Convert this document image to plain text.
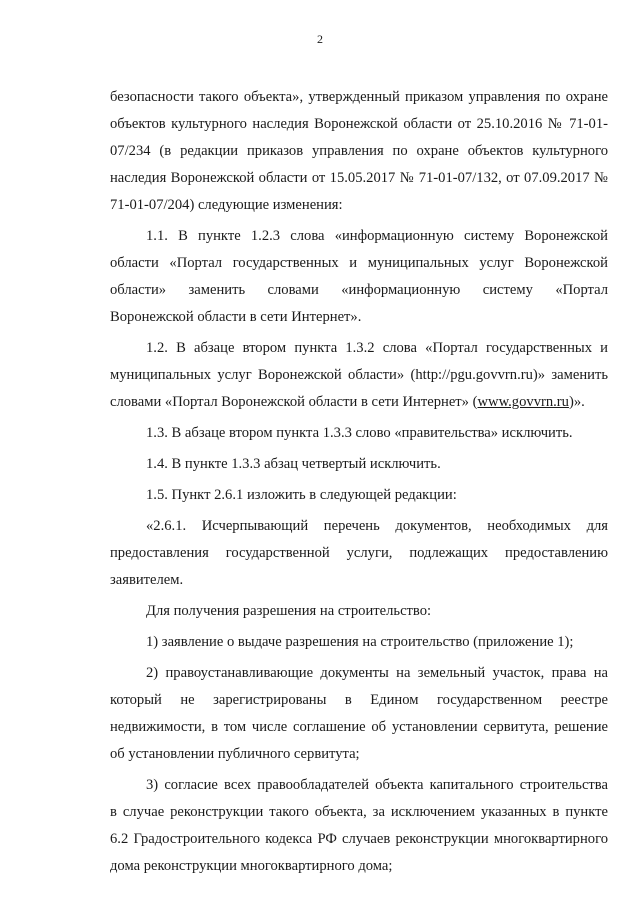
2
безопасности такого объекта», утвержденный приказом управления по охране
объектов культурного наследия Воронежской области от 25.10.2016 № 71-01-
07/234 (в редакции приказов управления по охране объектов культурного
наследия Воронежской области от 15.05.2017 № 71-01-07/132, от 07.09.2017 №
71-01-07/204) следующие изменения:
1.1. В пункте 1.2.3 слова «информационную систему Воронежской
области «Портал государственных и муниципальных услуг Воронежской
области» заменить словами «информационную систему «Портал
Воронежской области в сети Интернет».
1.2. В абзаце втором пункта 1.3.2 слова «Портал государственных и
муниципальных услуг Воронежской области» (http://pgu.govvrn.ru)» заменить
словами «Портал Воронежской области в сети Интернет» (www.govvrn.ru)».
1.3. В абзаце втором пункта 1.3.3 слово «правительства» исключить.
1.4. В пункте 1.3.3 абзац четвертый исключить.
1.5. Пункт 2.6.1 изложить в следующей редакции:
«2.6.1. Исчерпывающий перечень документов, необходимых для
предоставления государственной услуги, подлежащих предоставлению
заявителем.
Для получения разрешения на строительство:
1) заявление о выдаче разрешения на строительство (приложение 1);
2) правоустанавливающие документы на земельный участок, права на
который не зарегистрированы в Едином государственном реестре
недвижимости, в том числе соглашение об установлении сервитута, решение
об установлении публичного сервитута;
3) согласие всех правообладателей объекта капитального строительства
в случае реконструкции такого объекта, за исключением указанных в пункте
6.2 Градостроительного кодекса РФ случаев реконструкции многоквартирного
дома реконструкции многоквартирного дома;
